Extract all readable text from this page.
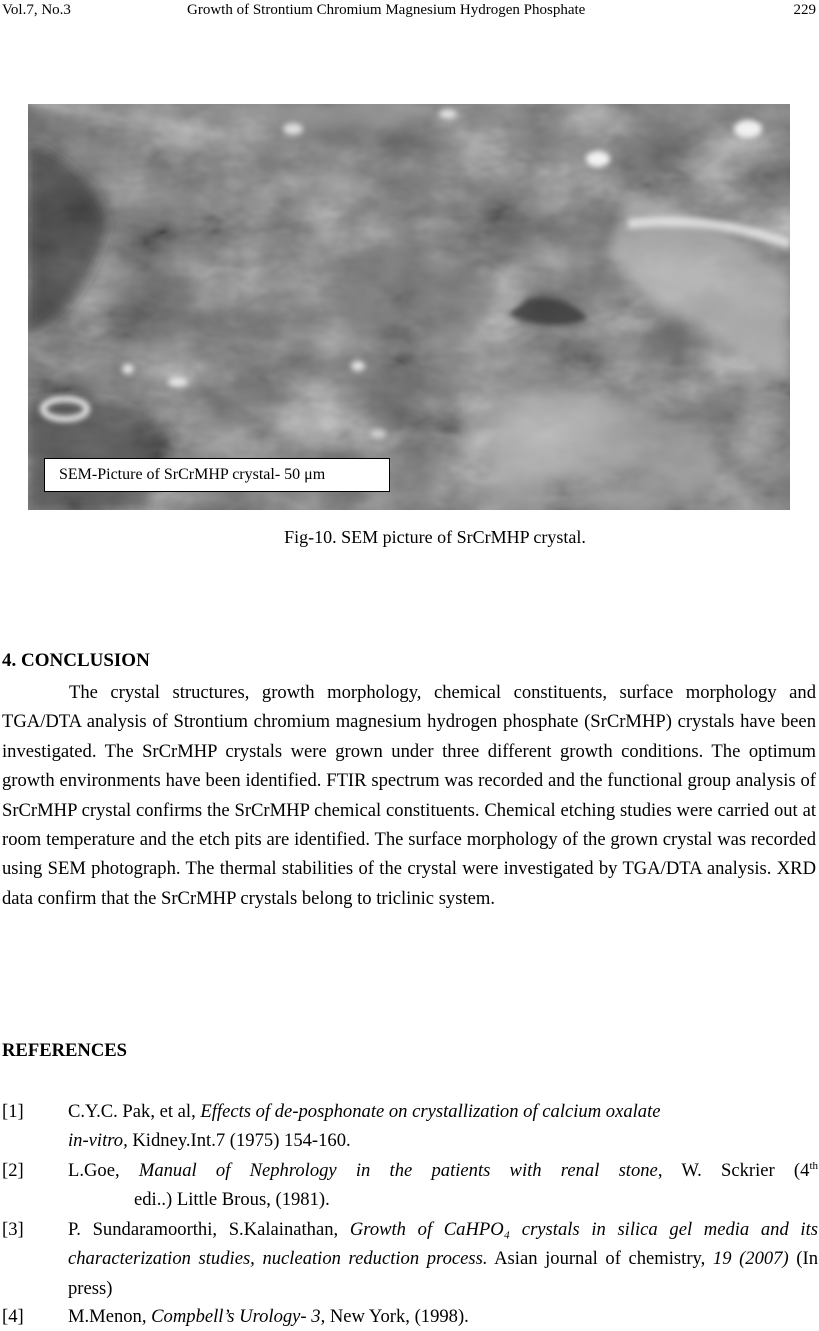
Vol.7, No.3	Growth of Strontium Chromium Magnesium Hydrogen Phosphate	229
SEM-Picture of SrCrMHP crystal- 50 μm
Fig-10. SEM picture of SrCrMHP crystal.
4. CONCLUSION
The crystal structures, growth morphology, chemical constituents, surface morphology and TGA/DTA analysis of Strontium chromium magnesium hydrogen phosphate (SrCrMHP) crystals have been investigated. The SrCrMHP crystals were grown under three different growth conditions. The optimum growth environments have been identified. FTIR spectrum was recorded and the functional group analysis of SrCrMHP crystal confirms the SrCrMHP chemical constituents. Chemical etching studies were carried out at room temperature and the etch pits are identified. The surface morphology of the grown crystal was recorded using SEM photograph. The thermal stabilities of the crystal were investigated by TGA/DTA analysis. XRD data confirm that the SrCrMHP crystals belong to triclinic system.
REFERENCES
[1] C.Y.C. Pak, et al, Effects of de-posphonate on crystallization of calcium oxalate
in-vitro, Kidney.Int.7 (1975) 154-160.
[2] L.Goe, Manual of Nephrology in the patients with renal stone, W. Sckrier (4th
edi..) Little Brous, (1981).
[3] P. Sundaramoorthi, S.Kalainathan, Growth of CaHPO₄ crystals in silica gel media and its characterization studies, nucleation reduction process. Asian journal of chemistry, 19 (2007) (In press)
[4] M.Menon, Compbell’s Urology- 3, New York, (1998).
